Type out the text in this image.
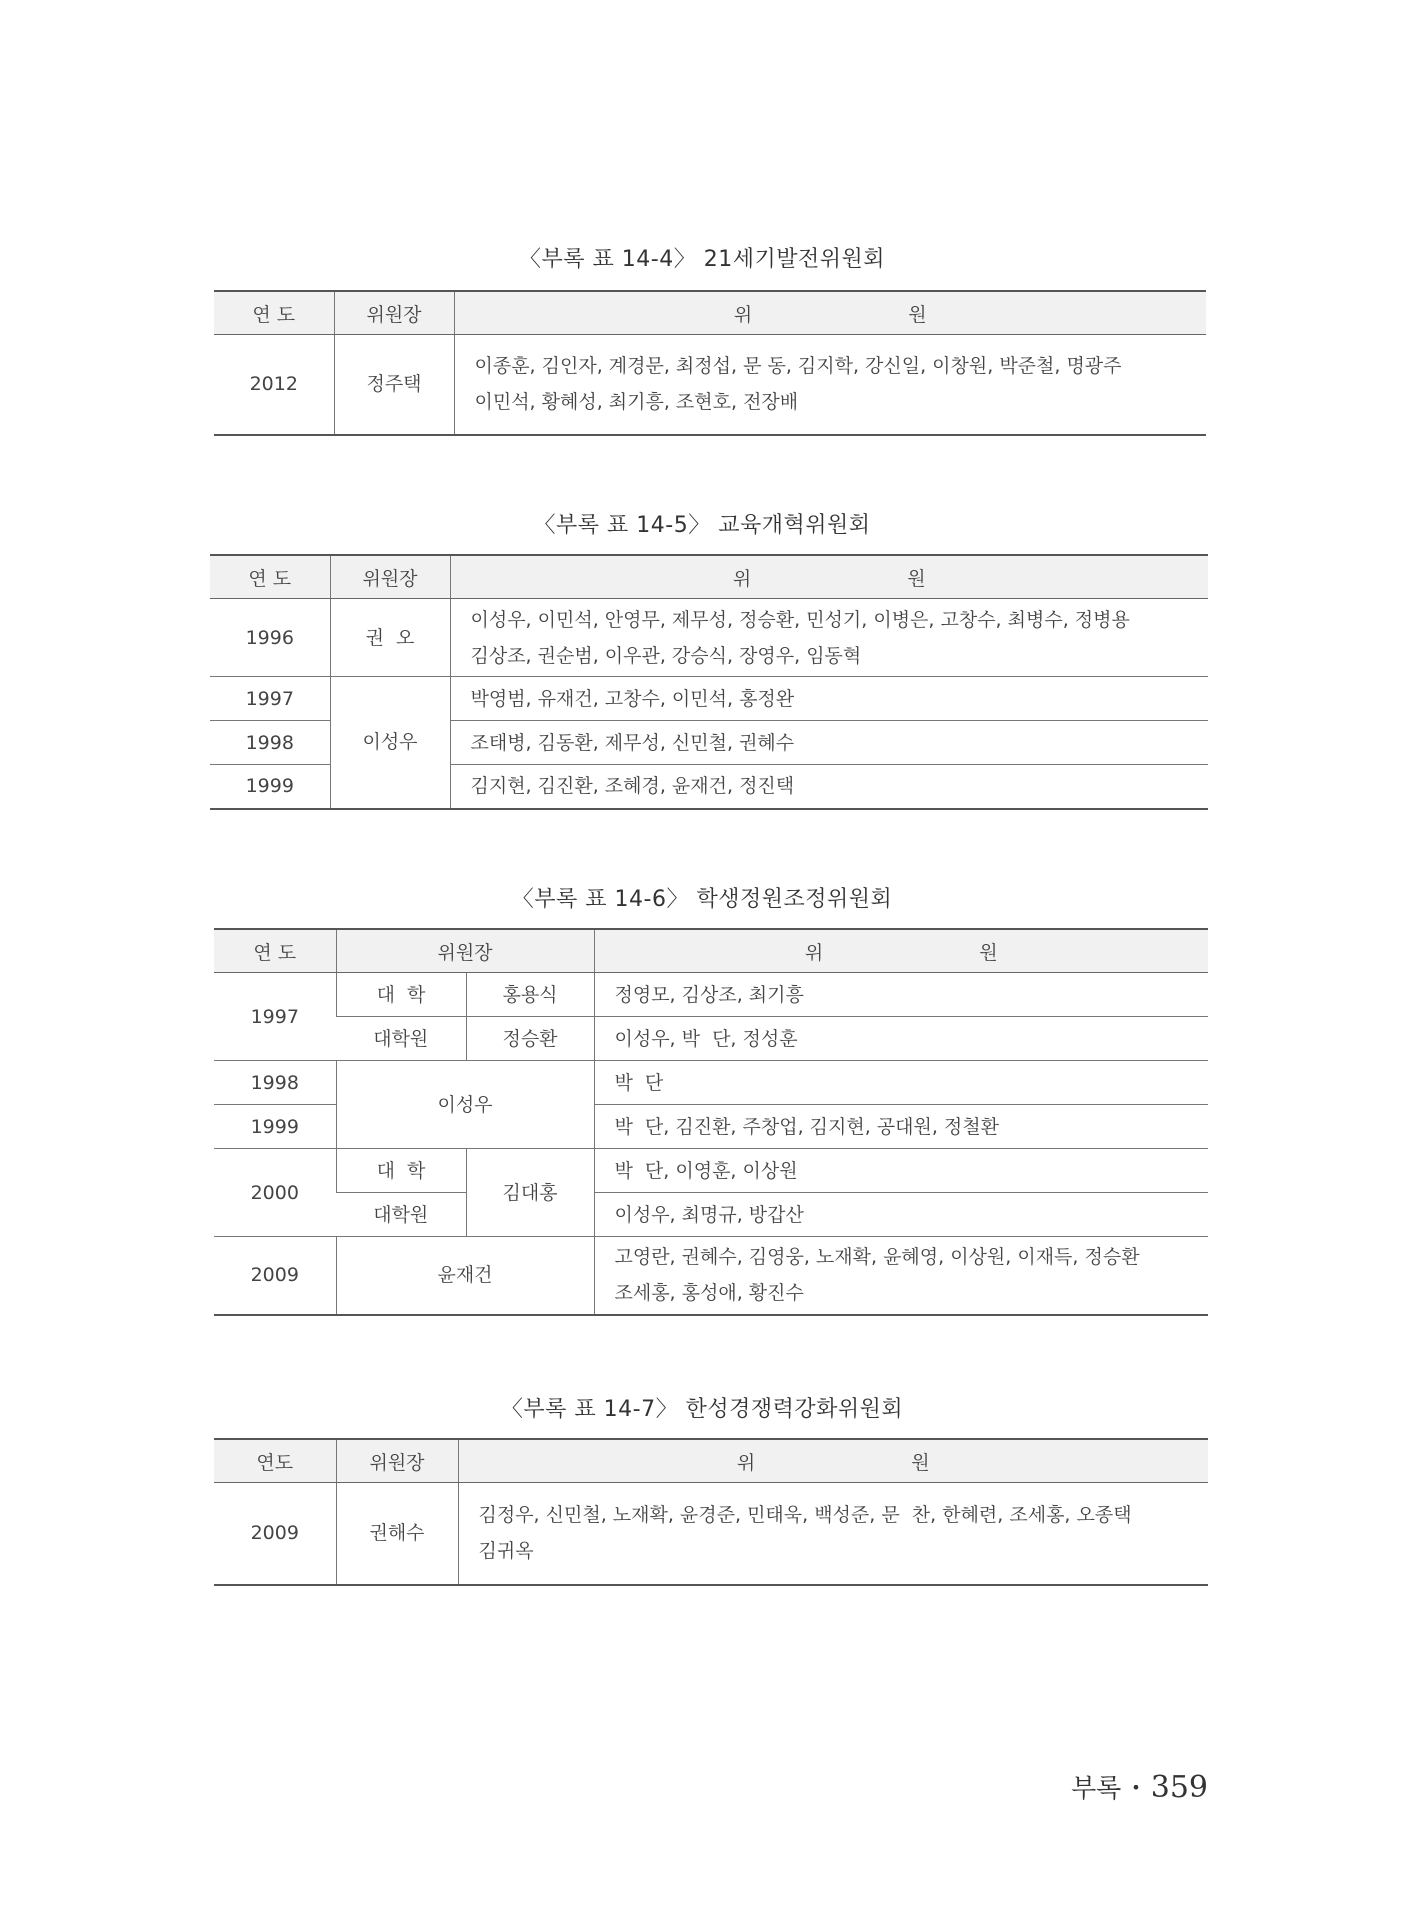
〈부록 표 14-4〉 21세기발전위원회
연 도	위원장	위 원
2012	정주택	이종훈, 김인자, 계경문, 최정섭, 문 동, 김지학, 강신일, 이창원, 박준철, 명광주
이민석, 황혜성, 최기흥, 조현호, 전장배
〈부록 표 14-5〉 교육개혁위원회
연 도	위원장	위 원
1996	권  오	이성우, 이민석, 안영무, 제무성, 정승환, 민성기, 이병은, 고창수, 최병수, 정병용
김상조, 권순범, 이우관, 강승식, 장영우, 임동혁

1997	이성우	박영범, 유재건, 고창수, 이민석, 홍정완
1998		조태병, 김동환, 제무성, 신민철, 권혜수
1999		김지현, 김진환, 조혜경, 윤재건, 정진택
〈부록 표 14-6〉 학생정원조정위원회
연 도	위원장		위 원
1997	대  학	홍용식	정영모, 김상조, 최기흥
	대학원	정승환	이성우, 박  단, 정성훈
1998	이성우		박  단
1999			박  단, 김진환, 주창업, 김지현, 공대원, 정철환
2000	대  학	김대홍	박  단, 이영훈, 이상원
	대학원		이성우, 최명규, 방갑산
2009	윤재건		고영란, 권혜수, 김영웅, 노재확, 윤혜영, 이상원, 이재득, 정승환
조세홍, 홍성애, 황진수
〈부록 표 14-7〉 한성경쟁력강화위원회
연도	위원장	위 원
2009	권해수	김정우, 신민철, 노재확, 윤경준, 민태욱, 백성준, 문  찬, 한혜련, 조세홍, 오종택
김귀옥
부록 • 359
